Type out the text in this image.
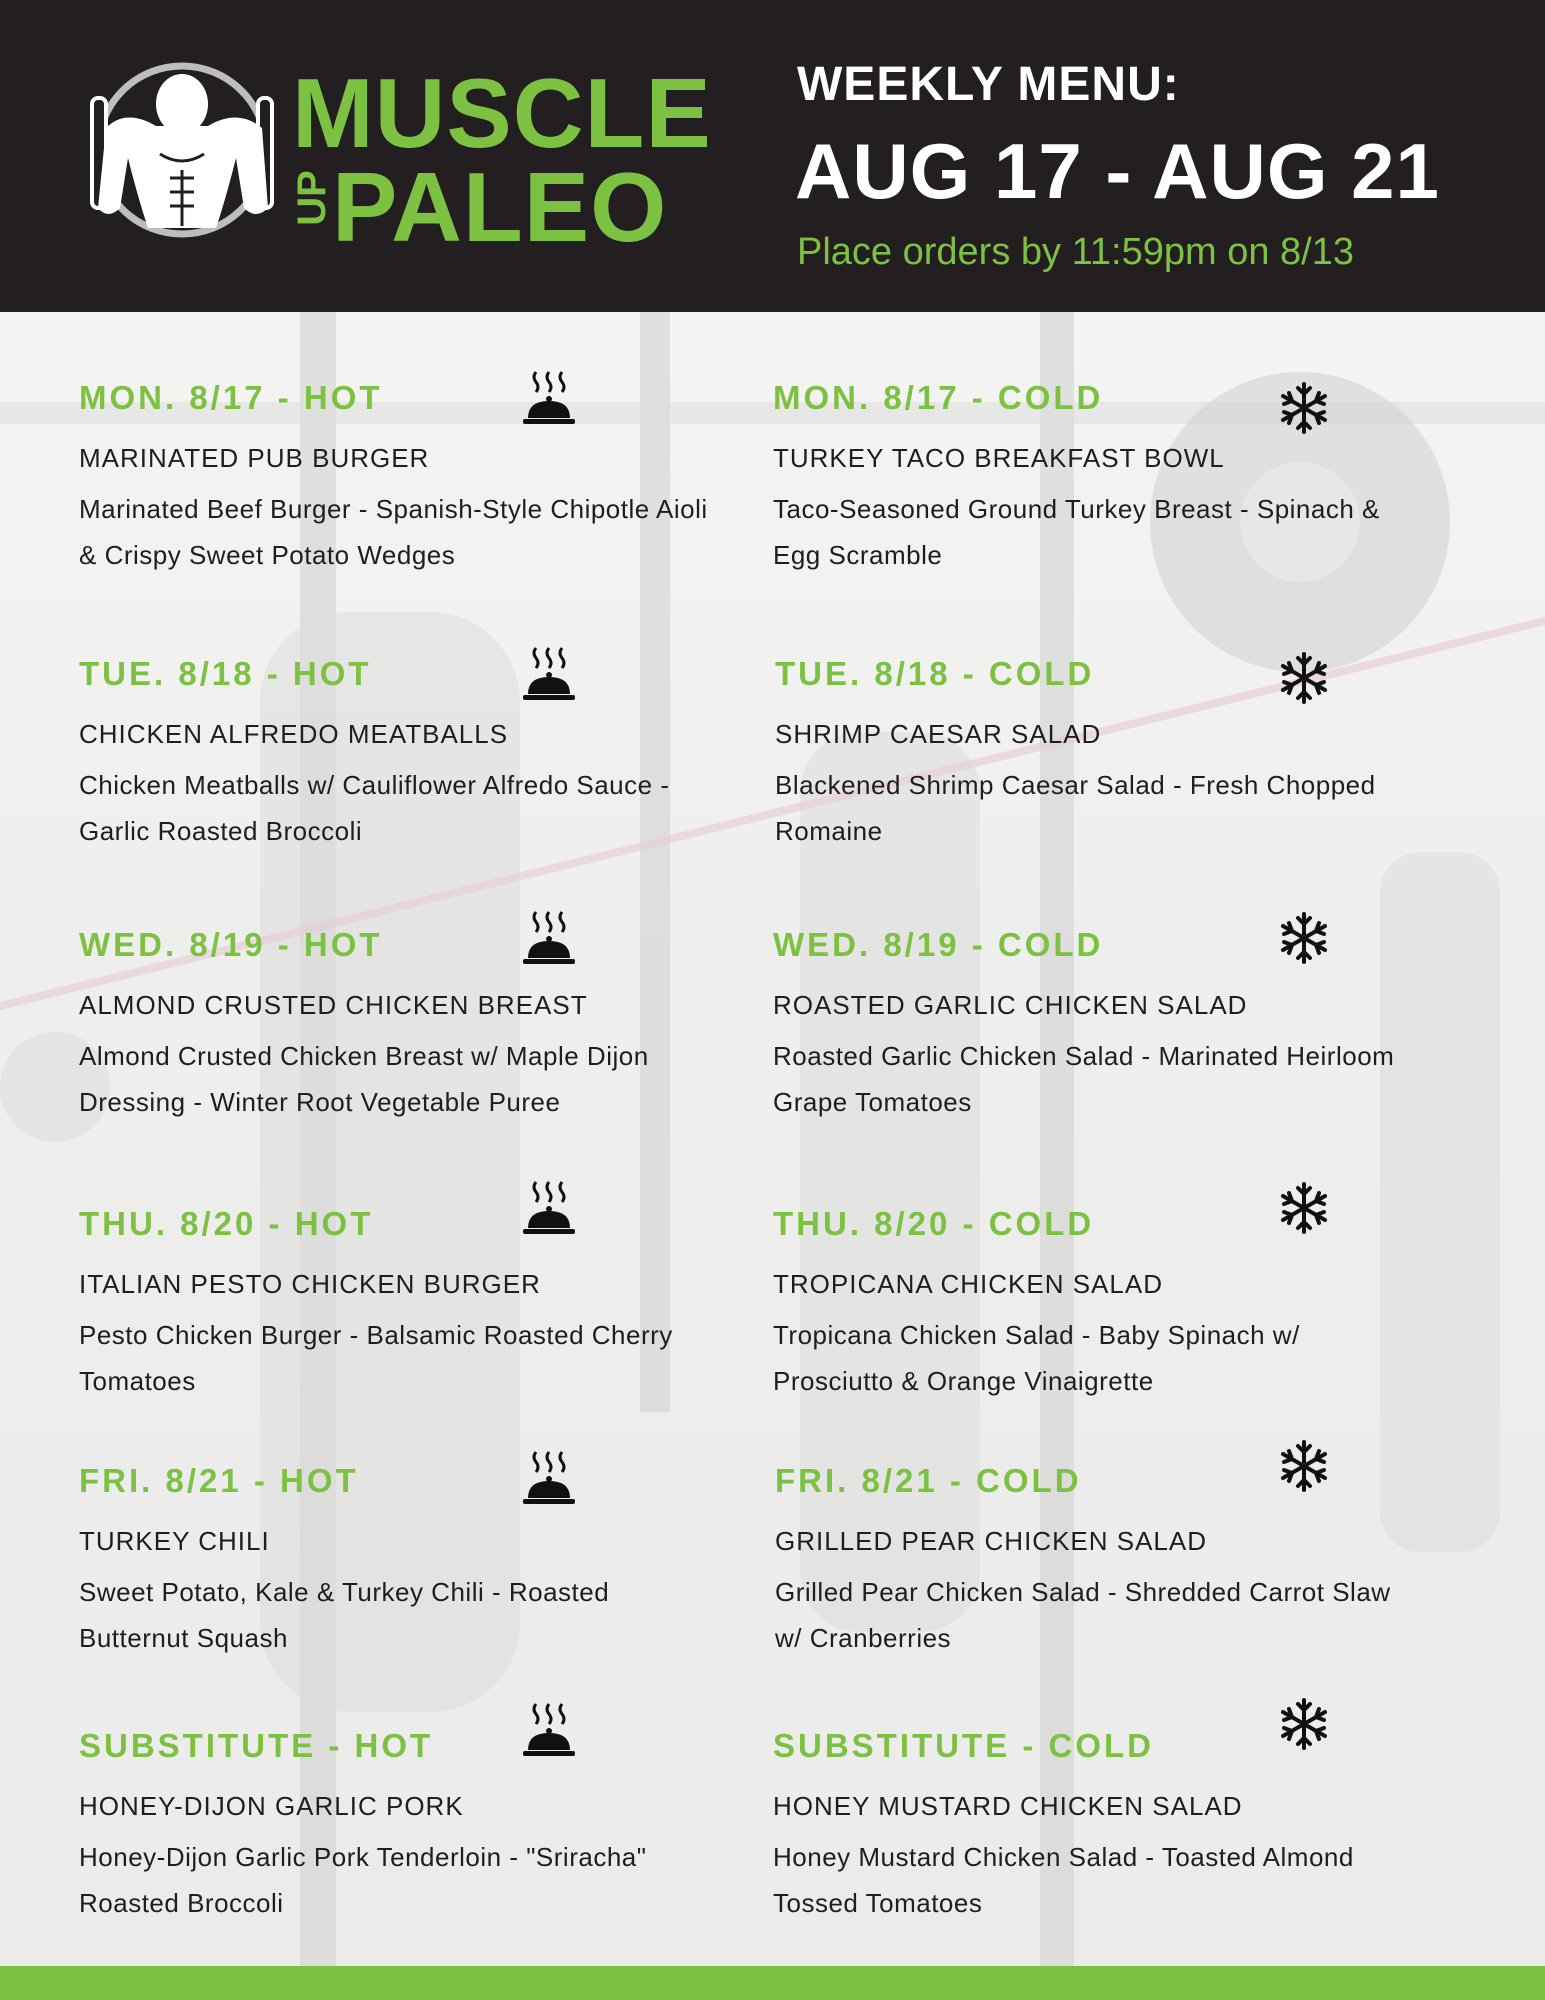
MUSCLE
UP
PALEO
WEEKLY MENU:
AUG 17 - AUG 21
Place orders by 11:59pm on 8/13
MON. 8/17 - HOT
MARINATED PUB BURGER
Marinated Beef Burger - Spanish-Style Chipotle Aioli & Crispy Sweet Potato Wedges
TUE. 8/18 - HOT
CHICKEN ALFREDO MEATBALLS
Chicken Meatballs w/ Cauliflower Alfredo Sauce - Garlic Roasted Broccoli
WED. 8/19 - HOT
ALMOND CRUSTED CHICKEN BREAST
Almond Crusted Chicken Breast w/ Maple Dijon Dressing - Winter Root Vegetable Puree
THU. 8/20 - HOT
ITALIAN PESTO CHICKEN BURGER
Pesto Chicken Burger - Balsamic Roasted Cherry Tomatoes
FRI. 8/21 - HOT
TURKEY CHILI
Sweet Potato, Kale & Turkey Chili - Roasted Butternut Squash
SUBSTITUTE - HOT
HONEY-DIJON GARLIC PORK
Honey-Dijon Garlic Pork Tenderloin - "Sriracha" Roasted Broccoli
MON. 8/17 - COLD
TURKEY TACO BREAKFAST BOWL
Taco-Seasoned Ground Turkey Breast - Spinach & Egg Scramble
TUE. 8/18 - COLD
SHRIMP CAESAR SALAD
Blackened Shrimp Caesar Salad - Fresh Chopped Romaine
WED. 8/19 - COLD
ROASTED GARLIC CHICKEN SALAD
Roasted Garlic Chicken Salad - Marinated Heirloom Grape Tomatoes
THU. 8/20 - COLD
TROPICANA CHICKEN SALAD
Tropicana Chicken Salad - Baby Spinach w/ Prosciutto & Orange Vinaigrette
FRI. 8/21 - COLD
GRILLED PEAR CHICKEN SALAD
Grilled Pear Chicken Salad - Shredded Carrot Slaw w/ Cranberries
SUBSTITUTE - COLD
HONEY MUSTARD CHICKEN SALAD
Honey Mustard Chicken Salad - Toasted Almond Tossed Tomatoes
